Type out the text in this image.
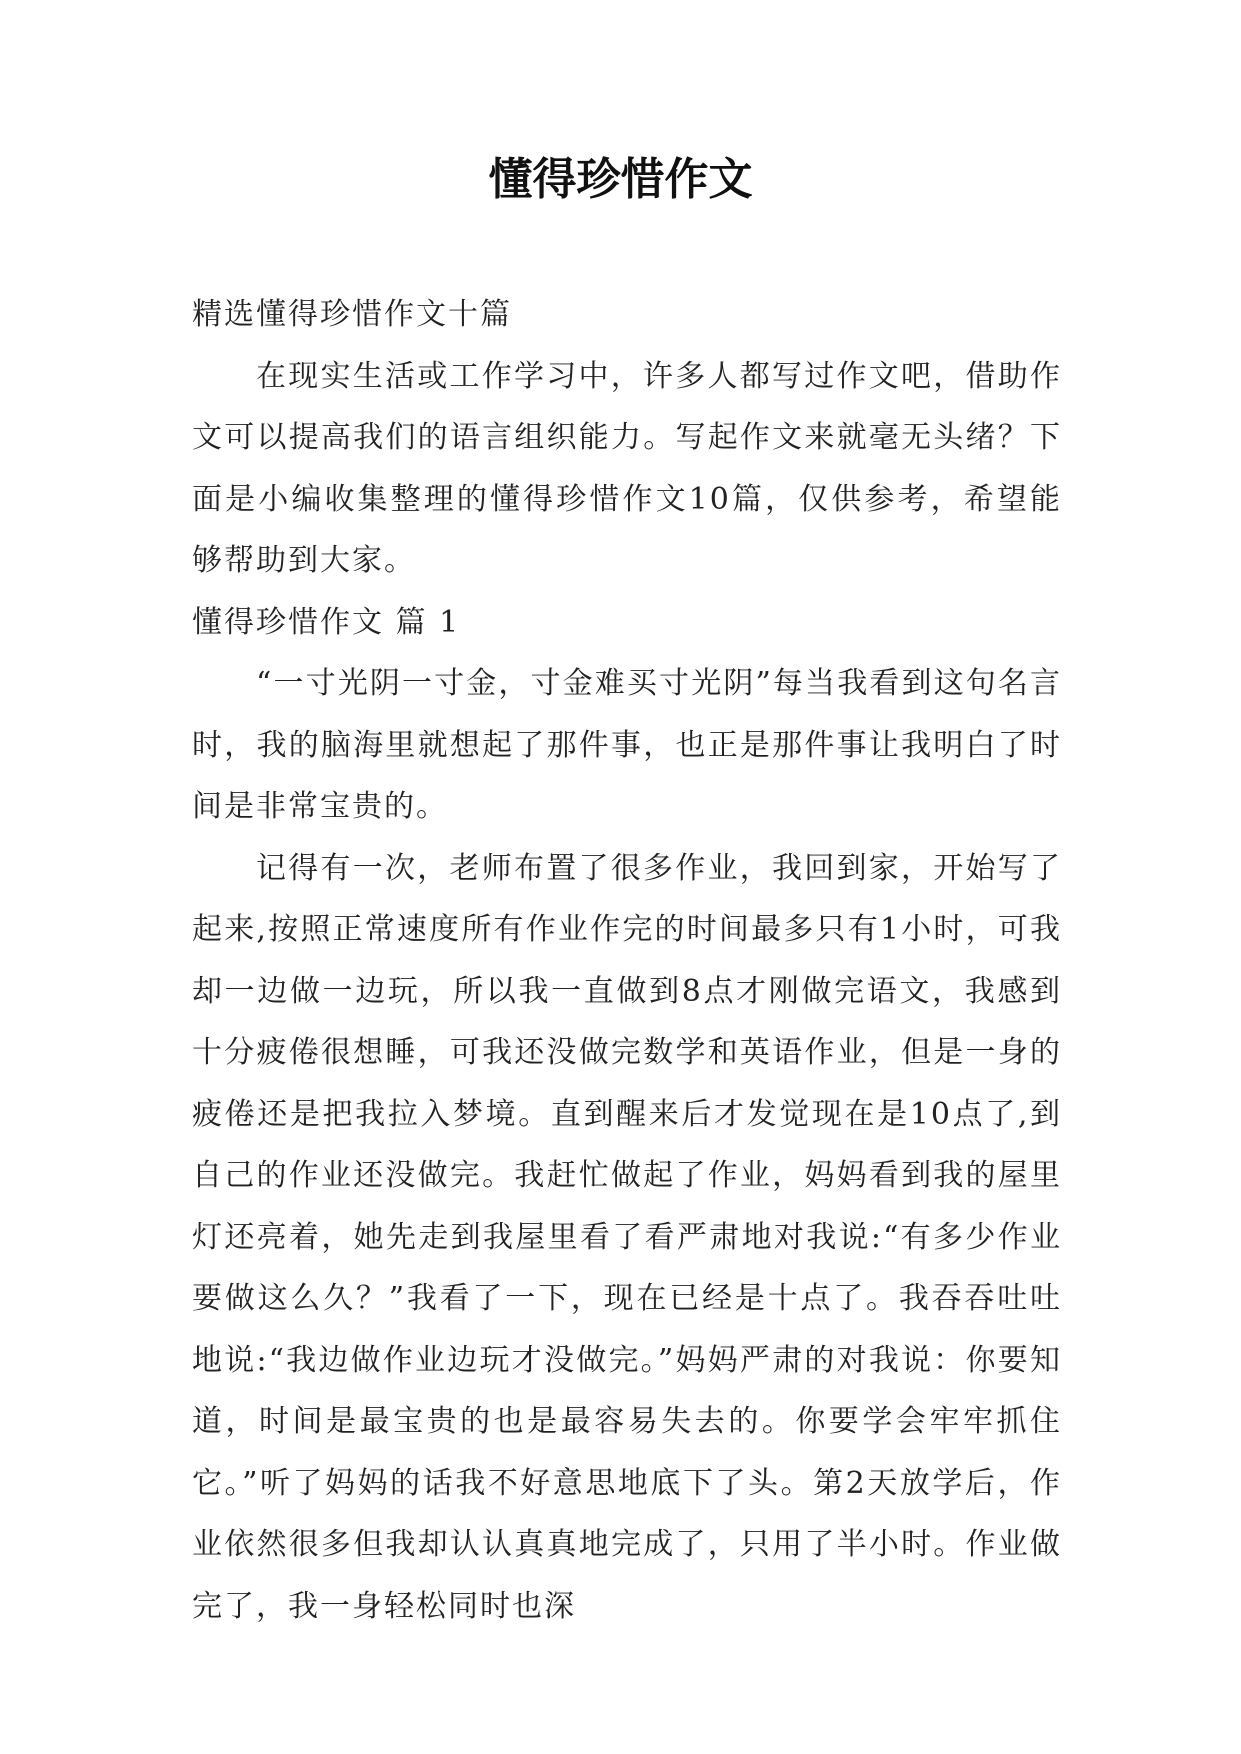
懂得珍惜作文

精选懂得珍惜作文十篇

在现实生活或工作学习中，许多人都写过作文吧，借助作文可以提高我们的语言组织能力。写起作文来就毫无头绪？下面是小编收集整理的懂得珍惜作文10篇，仅供参考，希望能够帮助到大家。

懂得珍惜作文 篇 1

“一寸光阴一寸金，寸金难买寸光阴”每当我看到这句名言时，我的脑海里就想起了那件事，也正是那件事让我明白了时间是非常宝贵的。

记得有一次，老师布置了很多作业，我回到家，开始写了起来,按照正常速度所有作业作完的时间最多只有1小时，可我却一边做一边玩，所以我一直做到8点才刚做完语文，我感到十分疲倦很想睡，可我还没做完数学和英语作业，但是一身的疲倦还是把我拉入梦境。直到醒来后才发觉现在是10点了,到自己的作业还没做完。我赶忙做起了作业，妈妈看到我的屋里灯还亮着，她先走到我屋里看了看严肃地对我说:“有多少作业要做这么久？”我看了一下，现在已经是十点了。我吞吞吐吐地说:“我边做作业边玩才没做完。”妈妈严肃的对我说：你要知道，时间是最宝贵的也是最容易失去的。你要学会牢牢抓住它。”听了妈妈的话我不好意思地底下了头。第2天放学后，作业依然很多但我却认认真真地完成了，只用了半小时。作业做完了，我一身轻松同时也深
